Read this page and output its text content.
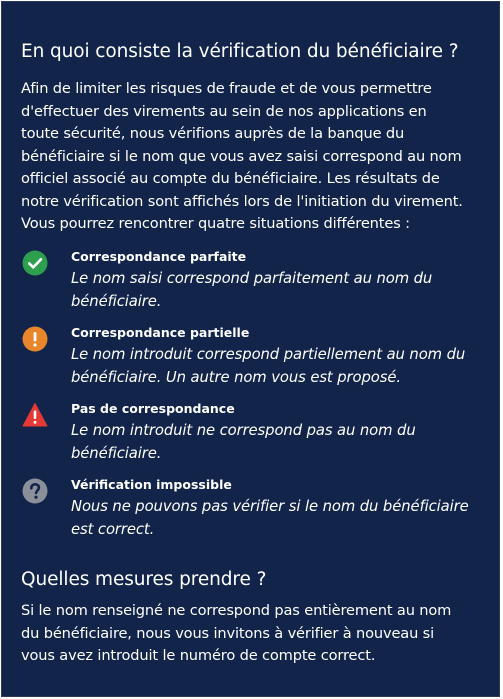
En quoi consiste la vérification du bénéficiaire ?

Afin de limiter les risques de fraude et de vous permettre
d'effectuer des virements au sein de nos applications en
toute sécurité, nous vérifions auprès de la banque du
bénéficiaire si le nom que vous avez saisi correspond au nom
officiel associé au compte du bénéficiaire. Les résultats de
notre vérification sont affichés lors de l'initiation du virement.
Vous pourrez rencontrer quatre situations différentes :

Correspondance parfaite
Le nom saisi correspond parfaitement au nom du
bénéficiaire.
Correspondance partielle
Le nom introduit correspond partiellement au nom du
bénéficiaire. Un autre nom vous est proposé.
Pas de correspondance
Le nom introduit ne correspond pas au nom du
bénéficiaire.
Vérification impossible
Nous ne pouvons pas vérifier si le nom du bénéficiaire
est correct.
Quelles mesures prendre ?

Si le nom renseigné ne correspond pas entièrement au nom
du bénéficiaire, nous vous invitons à vérifier à nouveau si
vous avez introduit le numéro de compte correct.
